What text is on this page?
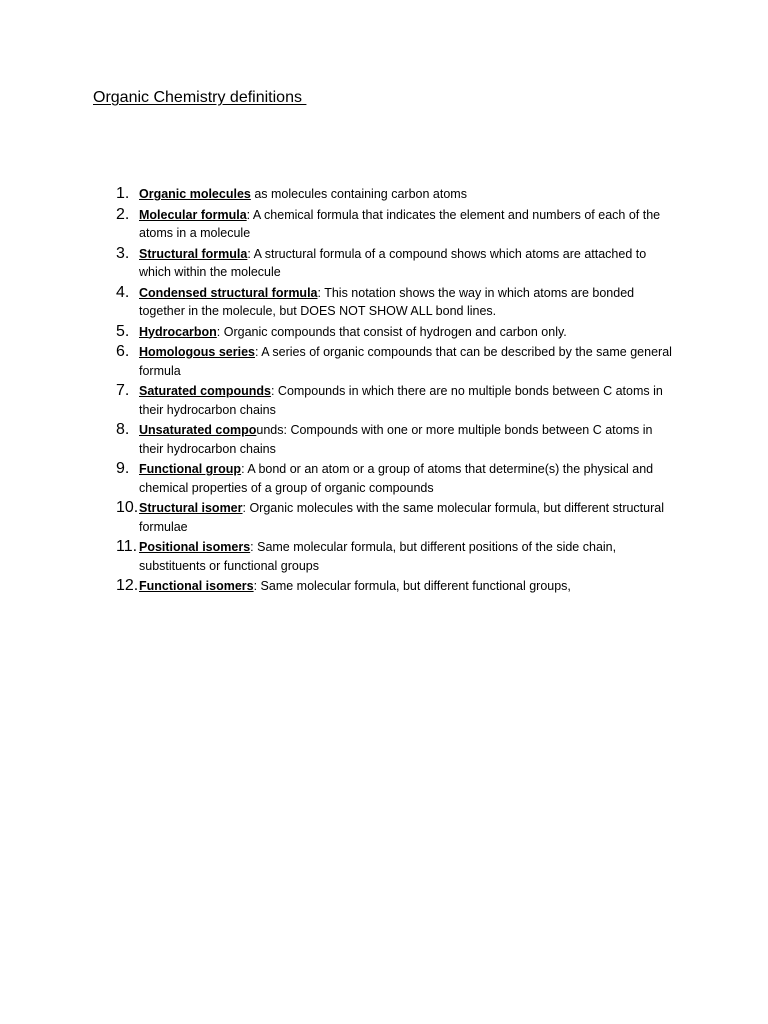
Organic Chemistry definitions
1. Organic molecules as molecules containing carbon atoms
2. Molecular formula: A chemical formula that indicates the element and numbers of each of the atoms in a molecule
3. Structural formula: A structural formula of a compound shows which atoms are attached to which within the molecule
4. Condensed structural formula: This notation shows the way in which atoms are bonded together in the molecule, but DOES NOT SHOW ALL bond lines.
5. Hydrocarbon: Organic compounds that consist of hydrogen and carbon only.
6. Homologous series: A series of organic compounds that can be described by the same general formula
7. Saturated compounds: Compounds in which there are no multiple bonds between C atoms in their hydrocarbon chains
8. Unsaturated compounds: Compounds with one or more multiple bonds between C atoms in their hydrocarbon chains
9. Functional group: A bond or an atom or a group of atoms that determine(s) the physical and chemical properties of a group of organic compounds
10. Structural isomer: Organic molecules with the same molecular formula, but different structural formulae
11. Positional isomers: Same molecular formula, but different positions of the side chain, substituents or functional groups
12. Functional isomers: Same molecular formula, but different functional groups,
